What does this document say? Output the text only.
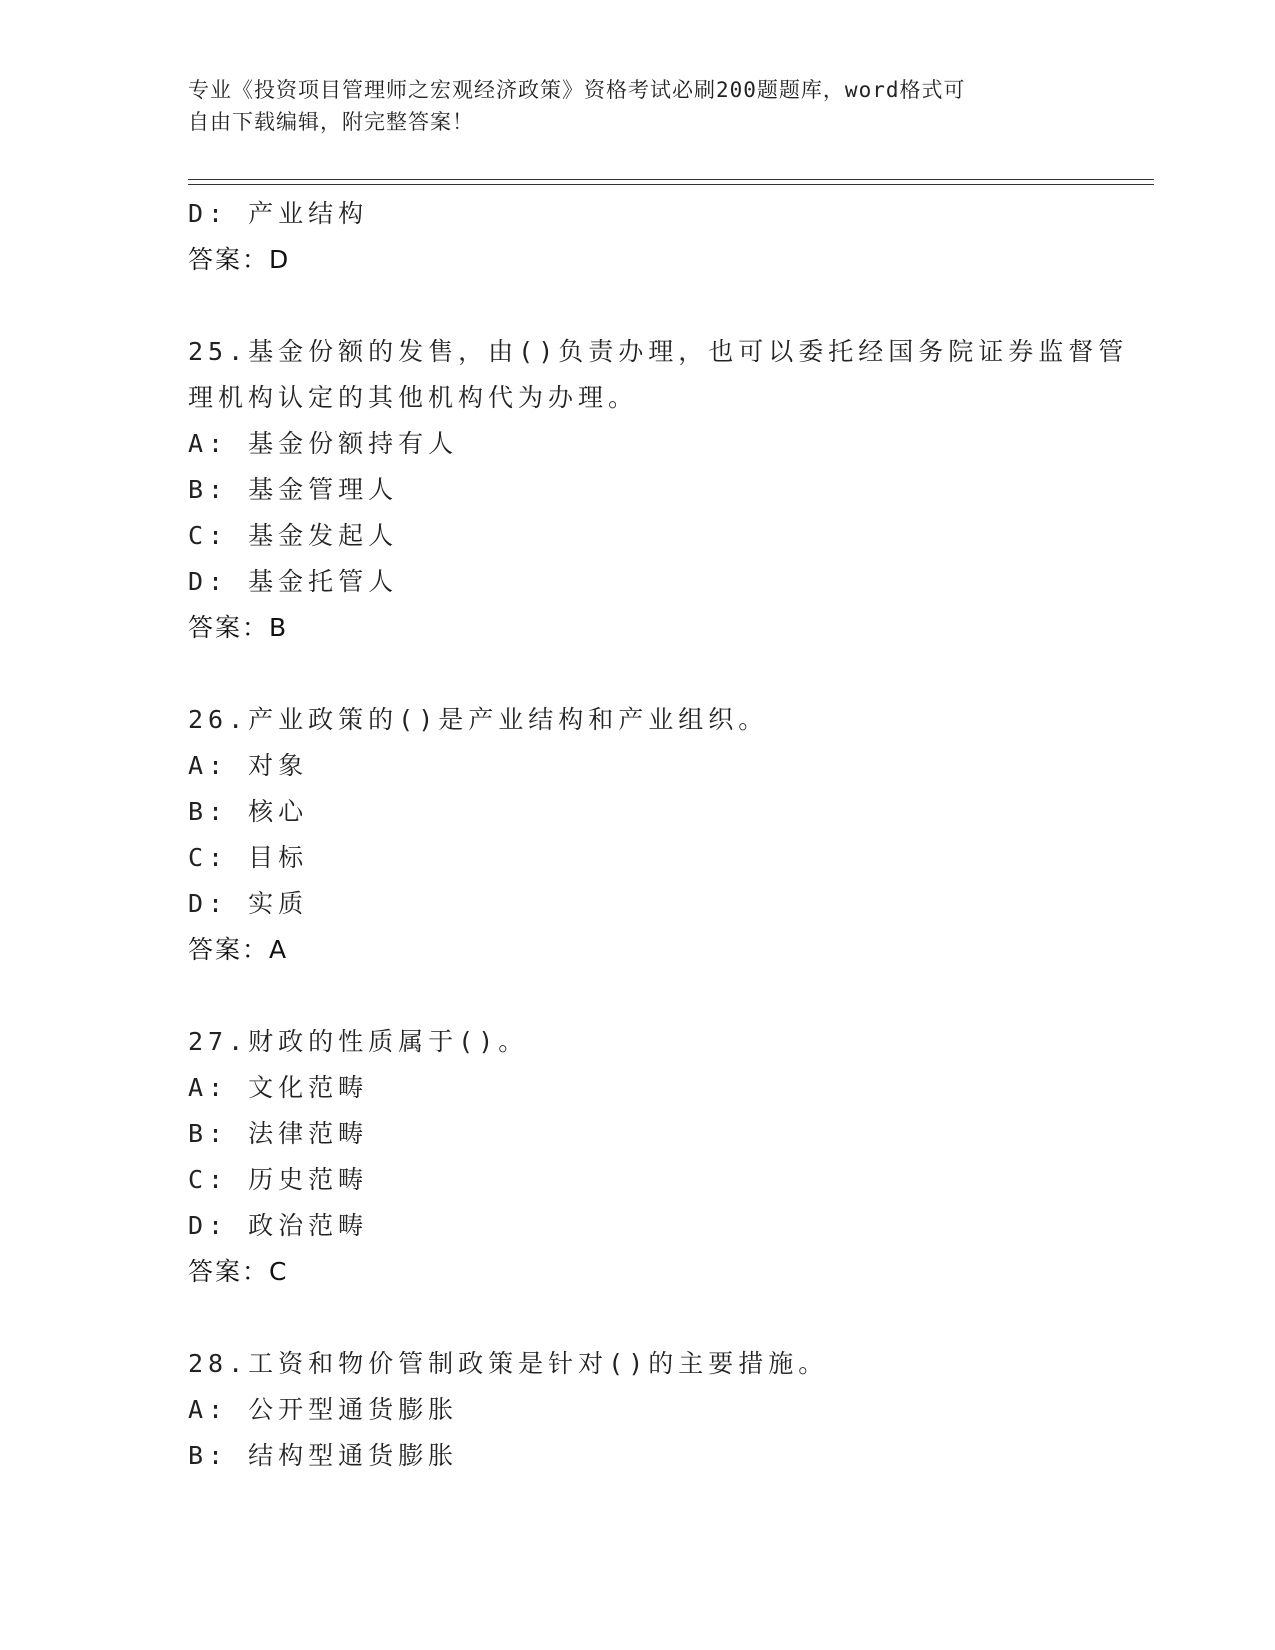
专业《投资项目管理师之宏观经济政策》资格考试必刷200题题库，word格式可
自由下载编辑，附完整答案！
D: 产业结构
答案：D
25.基金份额的发售，由()负责办理，也可以委托经国务院证券监督管
理机构认定的其他机构代为办理。
A: 基金份额持有人
B: 基金管理人
C: 基金发起人
D: 基金托管人
答案：B
26.产业政策的()是产业结构和产业组织。
A: 对象
B: 核心
C: 目标
D: 实质
答案：A
27.财政的性质属于()。
A: 文化范畴
B: 法律范畴
C: 历史范畴
D: 政治范畴
答案：C
28.工资和物价管制政策是针对()的主要措施。
A: 公开型通货膨胀
B: 结构型通货膨胀
